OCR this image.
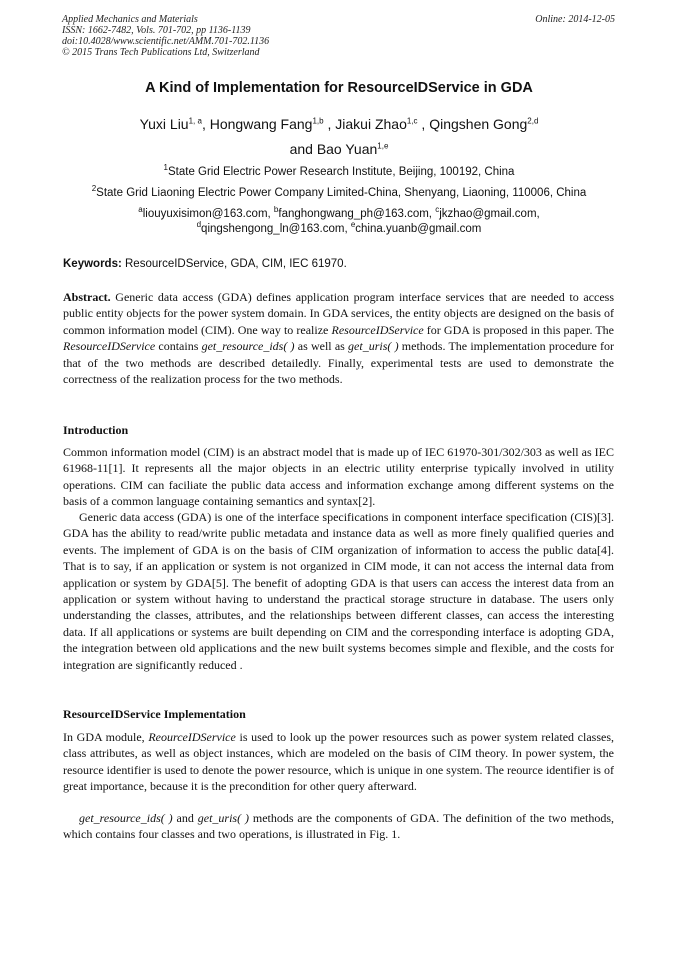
Applied Mechanics and Materials
ISSN: 1662-7482, Vols. 701-702, pp 1136-1139
doi:10.4028/www.scientific.net/AMM.701-702.1136
© 2015 Trans Tech Publications Ltd, Switzerland
Online: 2014-12-05
A Kind of Implementation for ResourceIDService in GDA
Yuxi Liu$^{1, a}$, Hongwang Fang$^{1,b}$ , Jiakui Zhao$^{1,c}$ , Qingshen Gong$^{2,d}$
and Bao Yuan$^{1,e}$
$^1$State Grid Electric Power Research Institute, Beijing, 100192, China
$^2$State Grid Liaoning Electric Power Company Limited-China, Shenyang, Liaoning, 110006, China
$^a$liouyuxisimon@163.com, $^b$fanghongwang_ph@163.com, $^c$jkzhao@gmail.com,
$^d$qingshengong_ln@163.com, $^e$china.yuanb@gmail.com
Keywords: ResourceIDService, GDA, CIM, IEC 61970.
Abstract. Generic data access (GDA) defines application program interface services that are needed to access public entity objects for the power system domain. In GDA services, the entity objects are designed on the basis of common information model (CIM). One way to realize ResourceIDService for GDA is proposed in this paper. The ResourceIDService contains get_resource_ids( ) as well as get_uris( ) methods. The implementation procedure for that of the two methods are described detailedly. Finally, experimental tests are used to demonstrate the correctness of the realization process for the two methods.
Introduction
Common information model (CIM) is an abstract model that is made up of IEC 61970-301/302/303 as well as IEC 61968-11[1]. It represents all the major objects in an electric utility enterprise typically involved in utility operations. CIM can faciliate the public data access and information exchange among different systems on the basis of a common language containing semantics and syntax[2].
Generic data access (GDA) is one of the interface specifications in component interface specification (CIS)[3]. GDA has the ability to read/write public metadata and instance data as well as more finely qualified queries and events. The implement of GDA is on the basis of CIM organization of information to access the public data[4]. That is to say, if an application or system is not organized in CIM mode, it can not access the internal data from application or system by GDA[5]. The benefit of adopting GDA is that users can access the interest data from an application or system without having to understand the practical storage structure in database. The users only understanding the classes, attributes, and the relationships between different classes, can access the interesting data. If all applications or systems are built depending on CIM and the corresponding interface is adopting GDA, the integration between old applications and the new built systems becomes simple and flexible, and the costs for integration are significantly reduced .
ResourceIDService Implementation
In GDA module, ReourceIDService is used to look up the power resources such as power system related classes, class attributes, as well as object instances, which are modeled on the basis of CIM theory. In power system, the resource identifier is used to denote the power resource, which is unique in one system. The reource identifier is of great importance, because it is the precondition for other query afterward.
get_resource_ids( ) and get_uris( ) methods are the components of GDA. The definition of the two methods, which contains four classes and two operations, is illustrated in Fig. 1.
